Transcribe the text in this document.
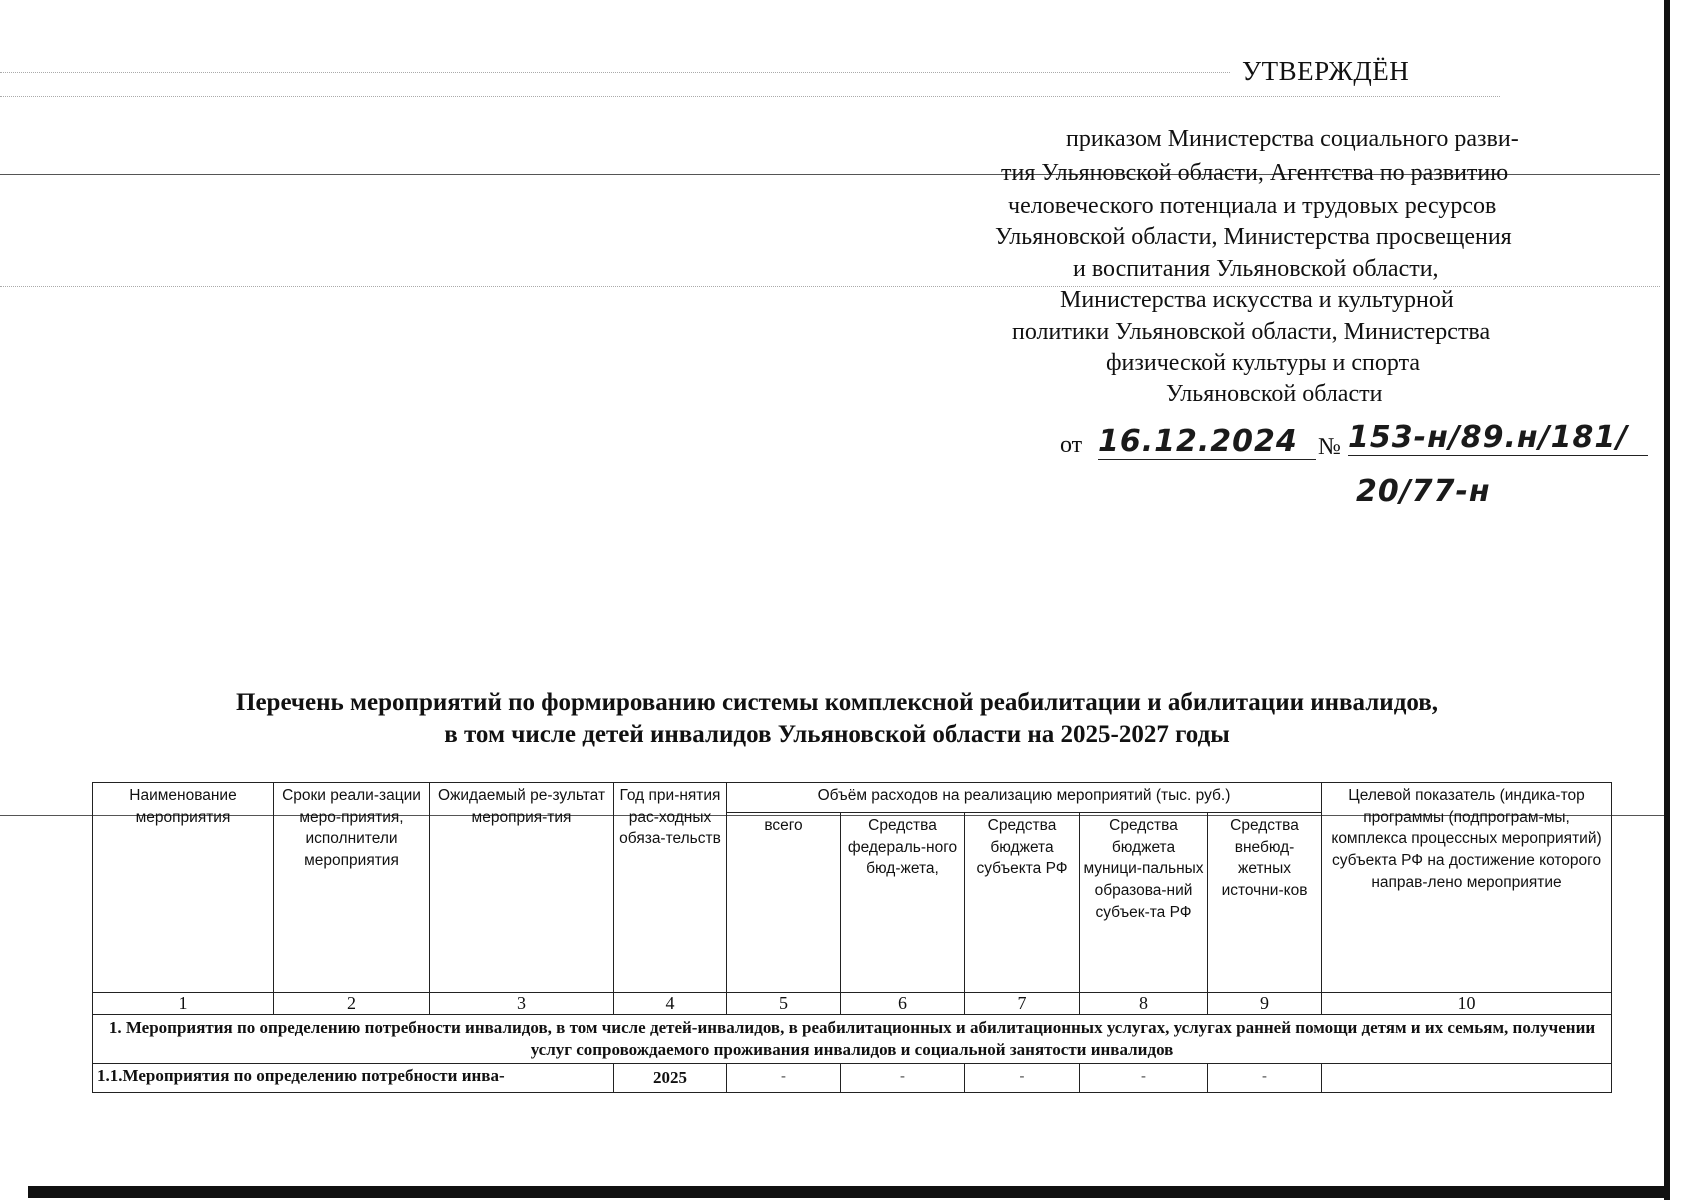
УТВЕРЖДЁН
приказом Министерства социального разви-
тия Ульяновской области, Агентства по развитию
человеческого потенциала и трудовых ресурсов
Ульяновской области, Министерства просвещения
и воспитания Ульяновской области,
Министерства искусства и культурной
политики Ульяновской области, Министерства
физической культуры и спорта
Ульяновской области
от 16.12.2024 № 153-н/89.н/181/
20/77-н
Перечень мероприятий по формированию системы комплексной реабилитации и абилитации инвалидов,
в том числе детей инвалидов Ульяновской области на 2025-2027 годы
Наименование мероприятия	Сроки реали-зации меро-приятия, исполнители мероприятия	Ожидаемый ре-зультат мероприя-тия	Год при-нятия рас-ходных обяза-тельств	Объём расходов на реализацию мероприятий (тыс. руб.)					Целевой показатель (индика-тор программы (подпрограм-мы, комплекса процессных мероприятий) субъекта РФ на достижение которого направ-лено мероприятие
				всего	Средства федераль-ного бюд-жета,	Средства бюджета субъекта РФ	Средства бюджета муници-пальных образова-ний субъек-та РФ	Средства внебюд-жетных источни-ков	
1	2	3	4	5	6	7	8	9	10
1. Мероприятия по определению потребности инвалидов, в том числе детей-инвалидов, в реабилитационных и абилитационных услугах, услугах ранней помощи детям и их семьям, получении услуг сопровождаемого проживания инвалидов и социальной занятости инвалидов									
1.1.Мероприятия по определению потребности инва-			2025	-	-	-	-	-	
